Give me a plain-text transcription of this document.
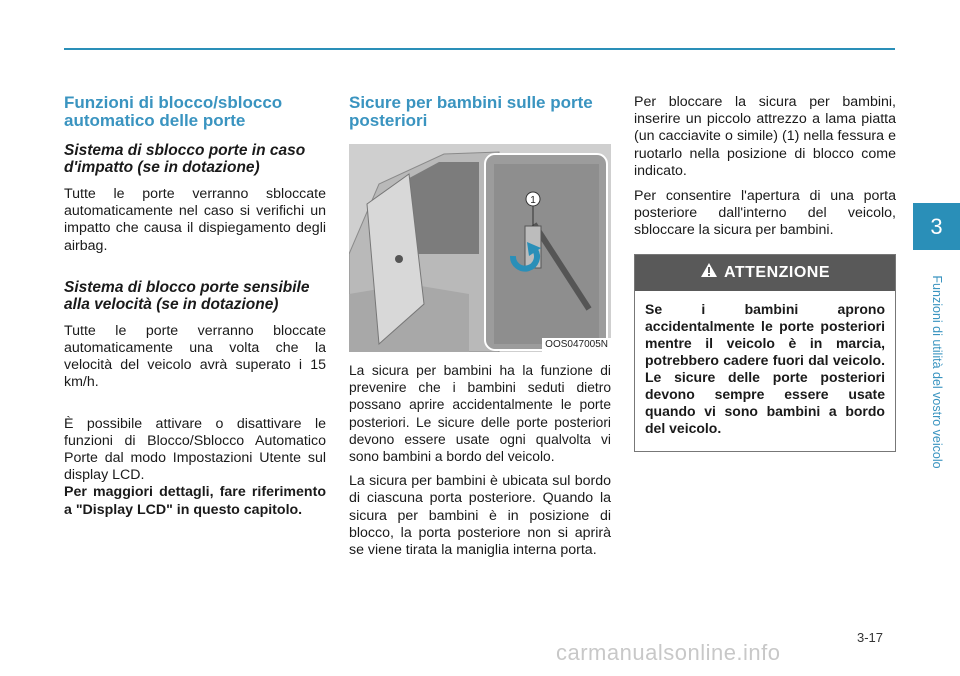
Funzioni di blocco/sblocco automatico delle porte
Sistema di sblocco porte in caso d'impatto (se in dotazione)

Tutte le porte verranno sbloccate automaticamente nel caso si verifichi un impatto che causa il dispiegamento degli airbag.

Sistema di blocco porte sensibile alla velocità (se in dotazione)

Tutte le porte verranno bloccate automaticamente una volta che la velocità del veicolo avrà superato i 15 km/h.

È possibile attivare o disattivare le funzioni di Blocco/Sblocco Automatico Porte dal modo Impostazioni Utente sul display LCD.

Per maggiori dettagli, fare riferimento a "Display LCD" in questo capitolo.

Sicure per bambini sulle porte posteriori
1
OOS047005N

La sicura per bambini ha la funzione di prevenire che i bambini seduti dietro possano aprire accidentalmente le porte posteriori. Le sicure delle porte posteriori devono essere usate ogni qualvolta vi sono bambini a bordo del veicolo.

La sicura per bambini è ubicata sul bordo di ciascuna porta posteriore. Quando la sicura per bambini è in posizione di blocco, la porta posteriore non si aprirà se viene tirata la maniglia interna porta.

Per bloccare la sicura per bambini, inserire un piccolo attrezzo a lama piatta (un cacciavite o simile) (1) nella fessura e ruotarlo nella posizione di blocco come indicato.

Per consentire l'apertura di una porta posteriore dall'interno del veicolo, sbloccare la sicura per bambini.

ATTENZIONE
Se i bambini aprono accidentalmente le porte posteriori mentre il veicolo è in marcia, potrebbero cadere fuori dal veicolo. Le sicure delle porte posteriori devono sempre essere usate quando vi sono bambini a bordo del veicolo.
3
Funzioni di utilità del vostro veicolo
3-17
carmanualsonline.info
